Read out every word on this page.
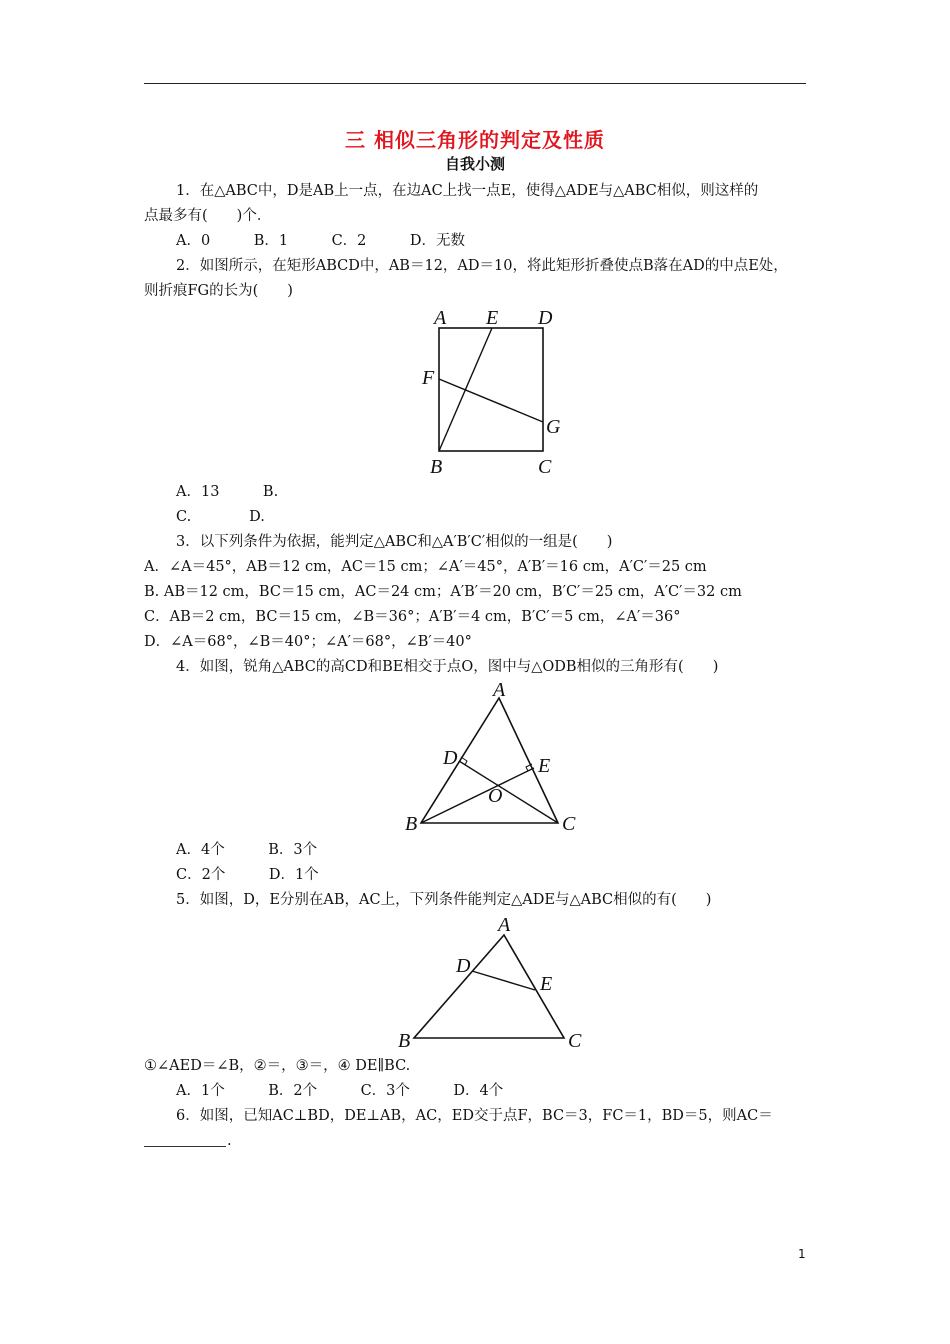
三 相似三角形的判定及性质
自我小测
1．在△ABC中，D是AB上一点，在边AC上找一点E，使得△ADE与△ABC相似，则这样的
点最多有(　　)个．
A．0　　　B．1　　　C．2　　　D．无数
2．如图所示，在矩形ABCD中，AB＝12，AD＝10，将此矩形折叠使点B落在AD的中点E处，
则折痕FG的长为(　　)
A E D
F
G
B	C
A．13　　　B.
C.　　　　D.
3．以下列条件为依据，能判定△ABC和△A′B′C′相似的一组是(　　)
A．∠A＝45°，AB＝12 cm，AC＝15 cm；∠A′＝45°，A′B′＝16 cm，A′C′＝25 cm
B. AB＝12 cm，BC＝15 cm，AC＝24 cm；A′B′＝20 cm，B′C′＝25 cm，A′C′＝32 cm
C．AB＝2 cm，BC＝15 cm，∠B＝36°；A′B′＝4 cm，B′C′＝5 cm，∠A′＝36°
D．∠A＝68°，∠B＝40°；∠A′＝68°，∠B′＝40°
4．如图，锐角△ABC的高CD和BE相交于点O，图中与△ODB相似的三角形有(　　)
A
D	E
O
B	C
A．4个　　　B．3个
C．2个　　　D．1个
5．如图，D，E分别在AB，AC上，下列条件能判定△ADE与△ABC相似的有(　　)
A
D
E
B	C
①∠AED＝∠B，②＝，③＝，④ DE∥BC.
A．1个　　　B．2个　　　C．3个　　　D．4个
6．如图，已知AC⊥BD，DE⊥AB，AC，ED交于点F，BC＝3，FC＝1，BD＝5，则AC＝
.
1
